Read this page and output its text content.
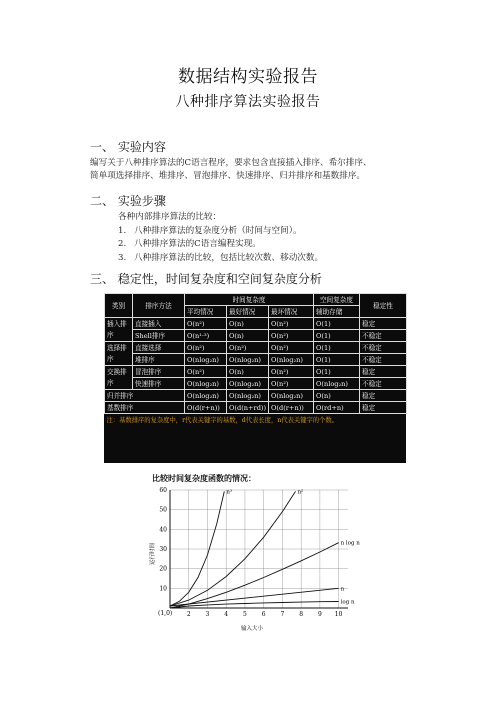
数据结构实验报告
八种排序算法实验报告
一、 实验内容
编写关于八种排序算法的C语言程序，要求包含直接插入排序、希尔排序、
简单项选择排序、堆排序、冒泡排序、快速排序、归并排序和基数排序。
二、 实验步骤
各种内部排序算法的比较：
1. 八种排序算法的复杂度分析（时间与空间）。
2. 八种排序算法的C语言编程实现。
3. 八种排序算法的比较，包括比较次数、移动次数。
三、 稳定性，时间复杂度和空间复杂度分析
类别	排序方法	时间复杂度			空间复杂度	稳定性
		平均情况	最好情况	最坏情况	辅助存储	
插入排序	直接插入	O(n²)	O(n)	O(n²)	O(1)	稳定
	Shell排序	O(n¹·³)	O(n)	O(n²)	O(1)	不稳定
选择排序	直接选择	O(n²)	O(n²)	O(n²)	O(1)	不稳定
	堆排序	O(nlog₂n)	O(nlog₂n)	O(nlog₂n)	O(1)	不稳定
交换排序	冒泡排序	O(n²)	O(n)	O(n²)	O(1)	稳定
	快速排序	O(nlog₂n)	O(nlog₂n)	O(n²)	O(nlog₂n)	不稳定
归并排序		O(nlog₂n)	O(nlog₂n)	O(nlog₂n)	O(n)	稳定
基数排序		O(d(r+n))	O(d(n+rd))	O(d(r+n))	O(rd+n)	稳定
注：基数排序的复杂度中，r代表关键字的基数，d代表长度，n代表关键字的个数。						
比较时间复杂度函数的情况：
10
20
30
40
50
60
2 3 4 5 6 7 8 9 10
(1,0)
输入大小
运行时间
n³	n²
n log n
n
log n
